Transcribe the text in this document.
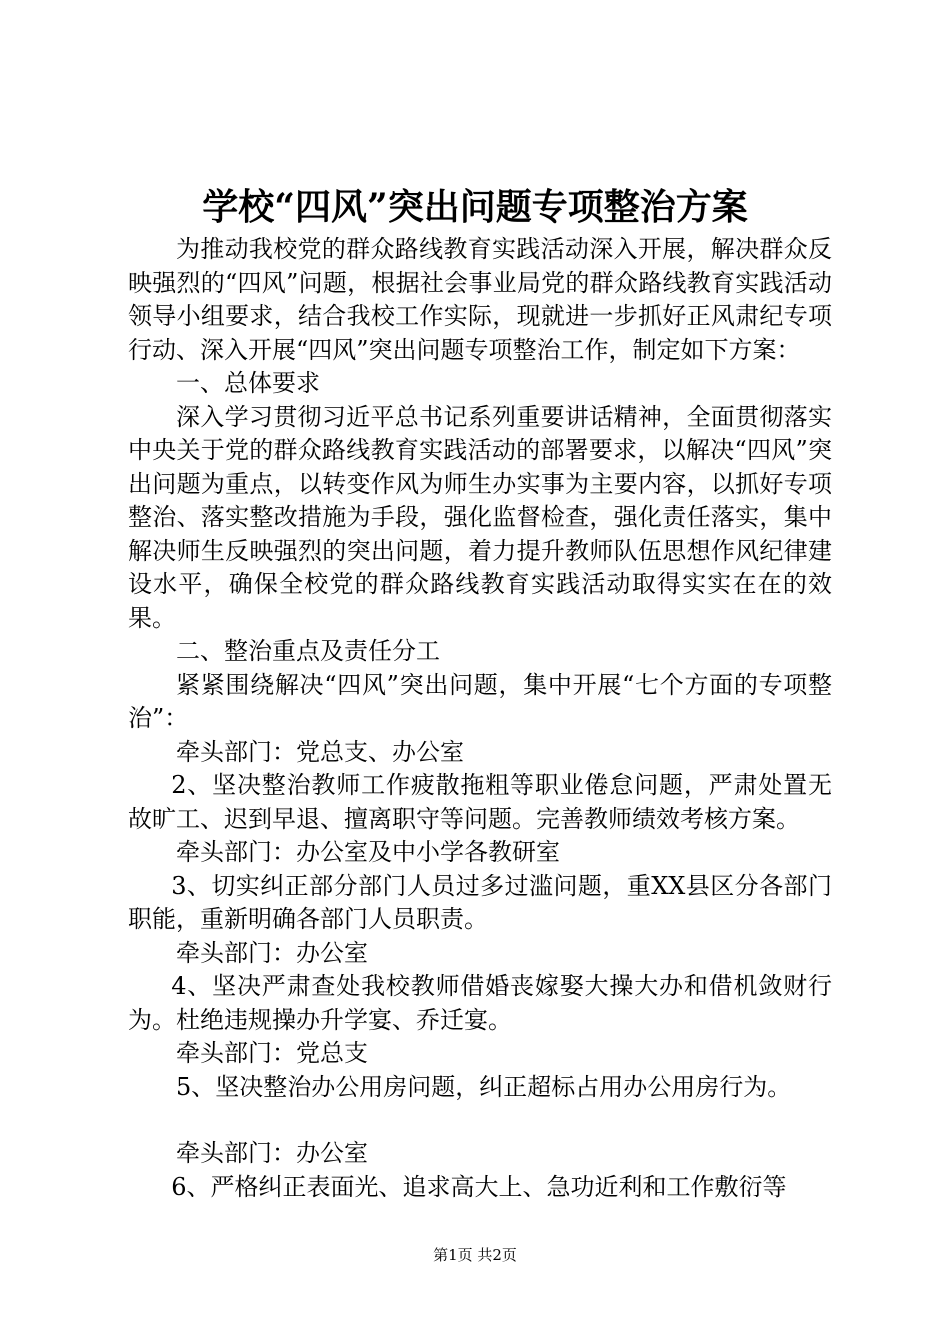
学校“四风”突出问题专项整治方案

为推动我校党的群众路线教育实践活动深入开展，解决群众反映强烈的“四风”问题，根据社会事业局党的群众路线教育实践活动领导小组要求，结合我校工作实际，现就进一步抓好正风肃纪专项行动、深入开展“四风”突出问题专项整治工作，制定如下方案：

一、总体要求

深入学习贯彻习近平总书记系列重要讲话精神，全面贯彻落实中央关于党的群众路线教育实践活动的部署要求，以解决“四风”突出问题为重点，以转变作风为师生办实事为主要内容，以抓好专项整治、落实整改措施为手段，强化监督检查，强化责任落实，集中解决师生反映强烈的突出问题，着力提升教师队伍思想作风纪律建设水平，确保全校党的群众路线教育实践活动取得实实在在的效果。

二、整治重点及责任分工

紧紧围绕解决“四风”突出问题，集中开展“七个方面的专项整治”：

牵头部门：党总支、办公室

2、坚决整治教师工作疲散拖粗等职业倦怠问题，严肃处置无故旷工、迟到早退、擅离职守等问题。完善教师绩效考核方案。

牵头部门：办公室及中小学各教研室

3、切实纠正部分部门人员过多过滥问题，重XX县区分各部门职能，重新明确各部门人员职责。

牵头部门：办公室

4、坚决严肃查处我校教师借婚丧嫁娶大操大办和借机敛财行为。杜绝违规操办升学宴、乔迁宴。

牵头部门：党总支

5、坚决整治办公用房问题，纠正超标占用办公用房行为。

牵头部门：办公室

6、严格纠正表面光、追求高大上、急功近利和工作敷衍等

第1页 共2页
